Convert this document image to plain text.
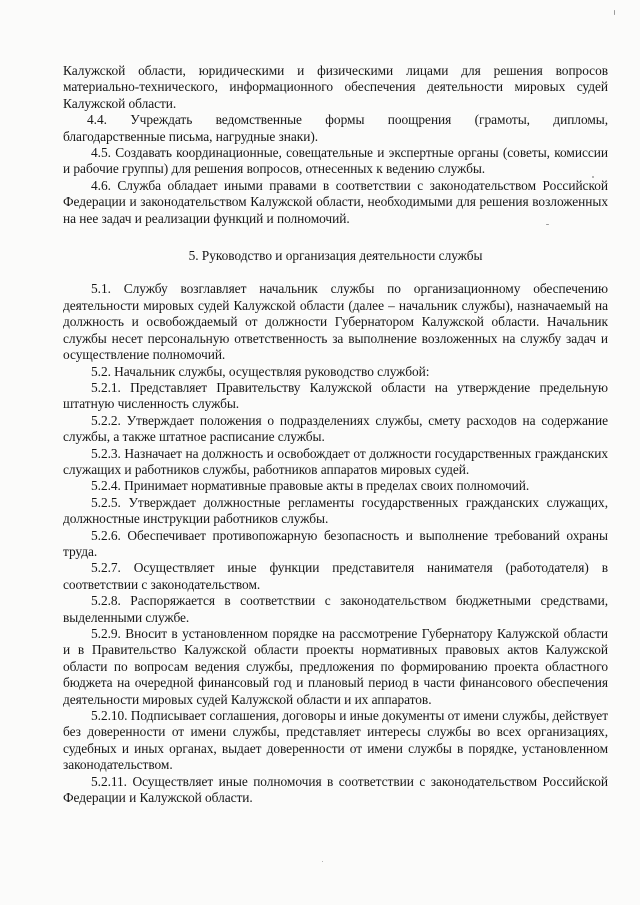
Калужской области, юридическими и физическими лицами для решения вопросов материально-технического, информационного обеспечения деятельности мировых судей Калужской области.

4.4.    Учреждать    ведомственные    формы    поощрения    (грамоты,    дипломы, благодарственные письма, нагрудные знаки).

4.5. Создавать координационные, совещательные и экспертные органы (советы, комиссии и рабочие группы) для решения вопросов, отнесенных к ведению службы.

4.6. Служба обладает иными правами в соответствии с законодательством Российской Федерации и законодательством Калужской области, необходимыми для решения возложенных на нее задач и реализации функций и полномочий.

5. Руководство и организация деятельности службы

5.1. Службу возглавляет начальник службы по организационному обеспечению деятельности мировых судей Калужской области (далее – начальник службы), назначаемый на должность и освобождаемый от должности Губернатором Калужской области. Начальник службы несет персональную ответственность за выполнение возложенных на службу задач и осуществление полномочий.

5.2. Начальник службы, осуществляя руководство службой:

5.2.1. Представляет Правительству Калужской области на утверждение предельную штатную численность службы.

5.2.2. Утверждает положения о подразделениях службы, смету расходов на содержание службы, а также штатное расписание службы.

5.2.3. Назначает на должность и освобождает от должности государственных гражданских служащих и работников службы, работников аппаратов мировых судей.

5.2.4. Принимает нормативные правовые акты в пределах своих полномочий.

5.2.5. Утверждает должностные регламенты государственных гражданских служащих, должностные инструкции работников службы.

5.2.6. Обеспечивает противопожарную безопасность и выполнение требований охраны труда.

5.2.7. Осуществляет иные функции представителя нанимателя (работодателя) в соответствии с законодательством.

5.2.8. Распоряжается в соответствии с законодательством бюджетными средствами, выделенными службе.

5.2.9. Вносит в установленном порядке на рассмотрение Губернатору Калужской области и в Правительство Калужской области проекты нормативных правовых актов Калужской области по вопросам ведения службы, предложения по формированию проекта областного бюджета на очередной финансовый год и плановый период в части финансового обеспечения деятельности мировых судей Калужской области и их аппаратов.

5.2.10. Подписывает соглашения, договоры и иные документы от имени службы, действует без доверенности от имени службы, представляет интересы службы во всех организациях, судебных и иных органах, выдает доверенности от имени службы в порядке, установленном законодательством.

5.2.11. Осуществляет иные полномочия в соответствии с законодательством Российской Федерации и Калужской области.
